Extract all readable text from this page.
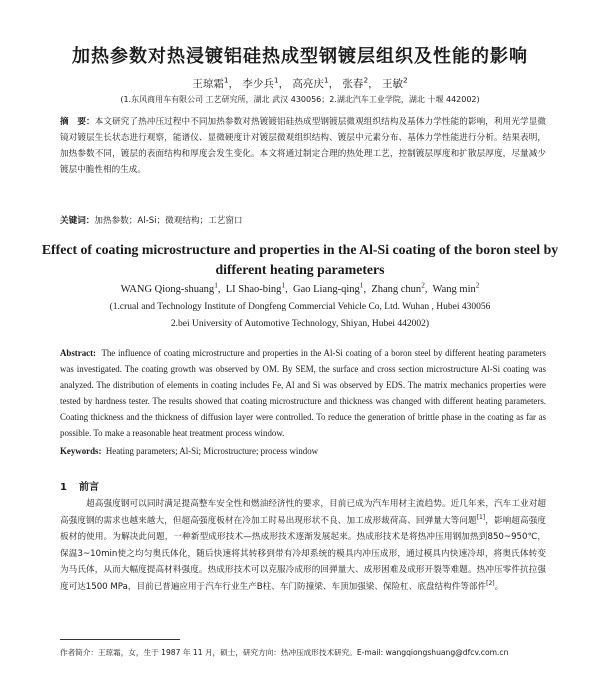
加热参数对热浸镀铝硅热成型钢镀层组织及性能的影响
王琼霜$^1$， 李少兵$^1$， 高亮庆$^1$， 张春$^2$， 王敏$^2$
(1.东风商用车有限公司 工艺研究所，湖北 武汉 430056；2.湖北汽车工业学院，湖北 十堰 442002)
摘　要：本文研究了热冲压过程中不同加热参数对热镀镀铝硅热成型钢镀层微观组织结构及基体力学性能的影响，利用光学显微镜对镀层生长状态进行观察，能谱仪、显微硬度计对镀层微观组织结构、镀层中元素分布、基体力学性能进行分析。结果表明，加热参数不同，镀层的表面结构和厚度会发生变化。本文将通过制定合理的热处理工艺，控制镀层厚度和扩散层厚度，尽量减少镀层中脆性相的生成。
关键词：加热参数；Al-Si；微观结构；工艺窗口
Effect of coating microstructure and properties in the Al-Si coating of the boron steel by different heating parameters
WANG Qiong-shuang$^1$,  LI Shao-bing$^1$,  Gao Liang-qing$^1$,  Zhang chun$^2$,  Wang $\min^2$
(1.crual and Technology Institute of Dongfeng Commercial Vehicle Co, Ltd. Wuhan , Hubei 430056
2.bei University of Automotive Technology, Shiyan, Hubei 442002)
Abstract: The influence of coating microstructure and properties in the Al-Si coating of a boron steel by different heating parameters was investigated. The coating growth was observed by OM. By SEM, the surface and cross section microstructure Al-Si coating was analyzed. The distribution of elements in coating includes Fe, Al and Si was observed by EDS. The matrix mechanics properties were tested by hardness tester. The results showed that coating microstructure and thickness was changed with different heating parameters. Coating thickness and the thickness of diffusion layer were controlled. To reduce the generation of brittle phase in the coating as far as possible. To make a reasonable heat treatment process window.
Keywords: Heating parameters; Al-Si; Microstructure; process window
1 前言
超高强度钢可以同时满足提高整车安全性和燃油经济性的要求，目前已成为汽车用材主流趋势。近几年来，汽车工业对超高强度钢的需求也越来越大，但超高强度板材在冷加工时易出现形状不良、加工成形裁荷高、回弹量大等问题[1]，影响超高强度板材的使用。为解决此问题，一种新型成形技术—热成形技术逐渐发展起来。热成形技术是将热冲压用钢加热到850~950℃，保温3~10min使之均匀奥氏体化，随后快速将其转移到带有冷却系统的模具内冲压成形，通过模具内快速冷却，将奥氏体转变为马氏体，从而大幅度提高材料强度。热成形技术可以克服冷成形的回弹量大、成形困难及成形开裂等难题。热冲压零件抗拉强度可达1500 MPa，目前已普遍应用于汽车行业生产B柱、车门防撞梁、车顶加强梁、保险杠、底盘结构件等部件[2]。
作者简介：王琼霜，女，生于 1987 年 11 月，硕士，研究方向：热冲压成形技术研究。E-mail: wangqiongshuang@dfcv.com.cn
